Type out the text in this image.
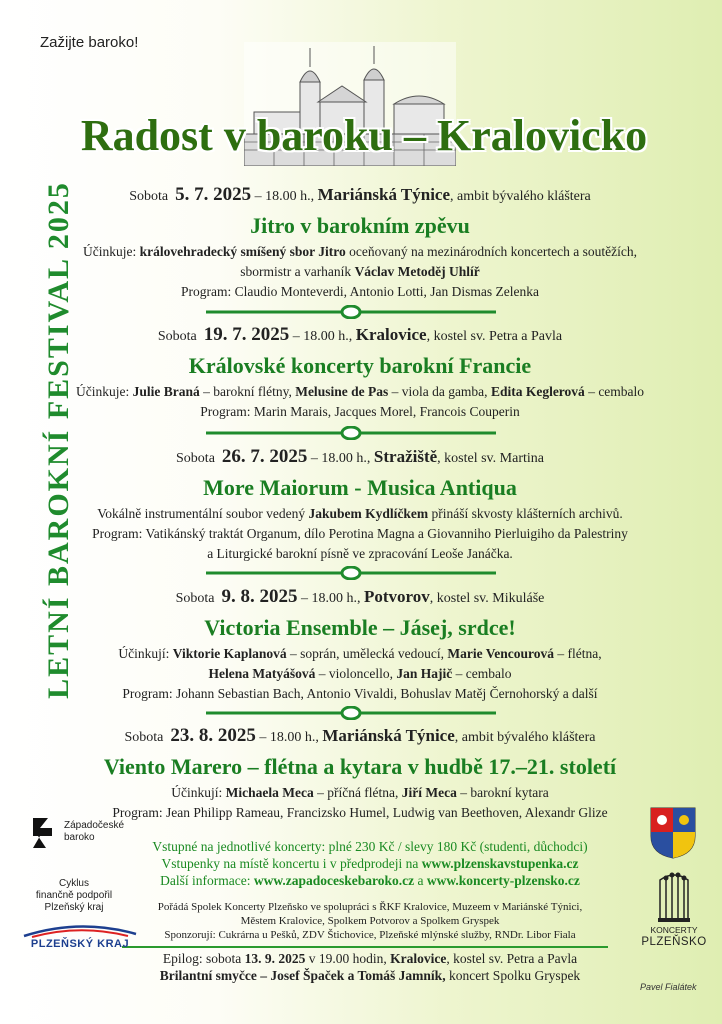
Zažijte baroko!
Radost v baroku – Kralovicko
LETNÍ BAROKNÍ FESTIVAL 2025	Sobota 5. 7. 2025 – 18.00 h., Mariánská Týnice, ambit bývalého kláštera
Jitro v barokním zpěvu
Účinkuje: královehradecký smíšený sbor Jitro oceňovaný na mezinárodních koncertech a soutěžích,
sbormistr a varhaník Václav Metoděj Uhlíř
Program: Claudio Monteverdi, Antonio Lotti, Jan Dismas Zelenka
Sobota 19. 7. 2025 – 18.00 h., Kralovice, kostel sv. Petra a Pavla
Královské koncerty barokní Francie
Účinkuje: Julie Braná – barokní flétny, Melusine de Pas – viola da gamba, Edita Keglerová – cembalo
Program: Marin Marais, Jacques Morel, Francois Couperin
Sobota 26. 7. 2025 – 18.00 h., Stražiště, kostel sv. Martina
More Maiorum - Musica Antiqua
Vokálně instrumentální soubor vedený Jakubem Kydlíčkem přináší skvosty klášterních archivů.
Program: Vatikánský traktát Organum, dílo Perotina Magna a Giovanniho Pierluigiho da Palestriny
a Liturgické barokní písně ve zpracování Leoše Janáčka.
Sobota 9. 8. 2025 – 18.00 h., Potvorov, kostel sv. Mikuláše
Victoria Ensemble – Jásej, srdce!
Účinkují: Viktorie Kaplanová – soprán, umělecká vedoucí, Marie Vencourová – flétna,
Helena Matyášová – violoncello, Jan Hajič – cembalo
Program: Johann Sebastian Bach, Antonio Vivaldi, Bohuslav Matěj Černohorský a další
Sobota 23. 8. 2025 – 18.00 h., Mariánská Týnice, ambit bývalého kláštera
Viento Marero – flétna a kytara v hudbě 17.–21. století
Účinkují: Michaela Meca – příčná flétna, Jiří Meca – barokní kytara
Program: Jean Philipp Rameau, Francizsko Humel, Ludwig van Beethoven, Alexandr Glize
Vstupné na jednotlivé koncerty: plné 230 Kč / slevy 180 Kč (studenti, důchodci)
Vstupenky na místě koncertu i v předprodeji na www.plzenskavstupenka.cz
Další informace: www.zapadoceskebaroko.cz a www.koncerty-plzensko.cz
Pořádá Spolek Koncerty Plzeňsko ve spolupráci s ŘKF Kralovice, Muzeem v Mariánské Týnici,
Městem Kralovice, Spolkem Potvorov a Spolkem Gryspek
Sponzorují: Cukrárna u Pešků, ZDV Štichovice, Plzeňské mlýnské služby, RNDr. Libor Fiala
Epilog: sobota 13. 9. 2025 v 19.00 hodin, Kralovice, kostel sv. Petra a Pavla
Brilantní smyčce – Josef Špaček a Tomáš Jamník, koncert Spolku Gryspek
Západočeské
baroko
Cyklus
finančně podpořil
Plzeňský kraj
PLZEŇSKÝ KRAJ
KONCERTY
PLZEŇSKO
Pavel Fialátek
